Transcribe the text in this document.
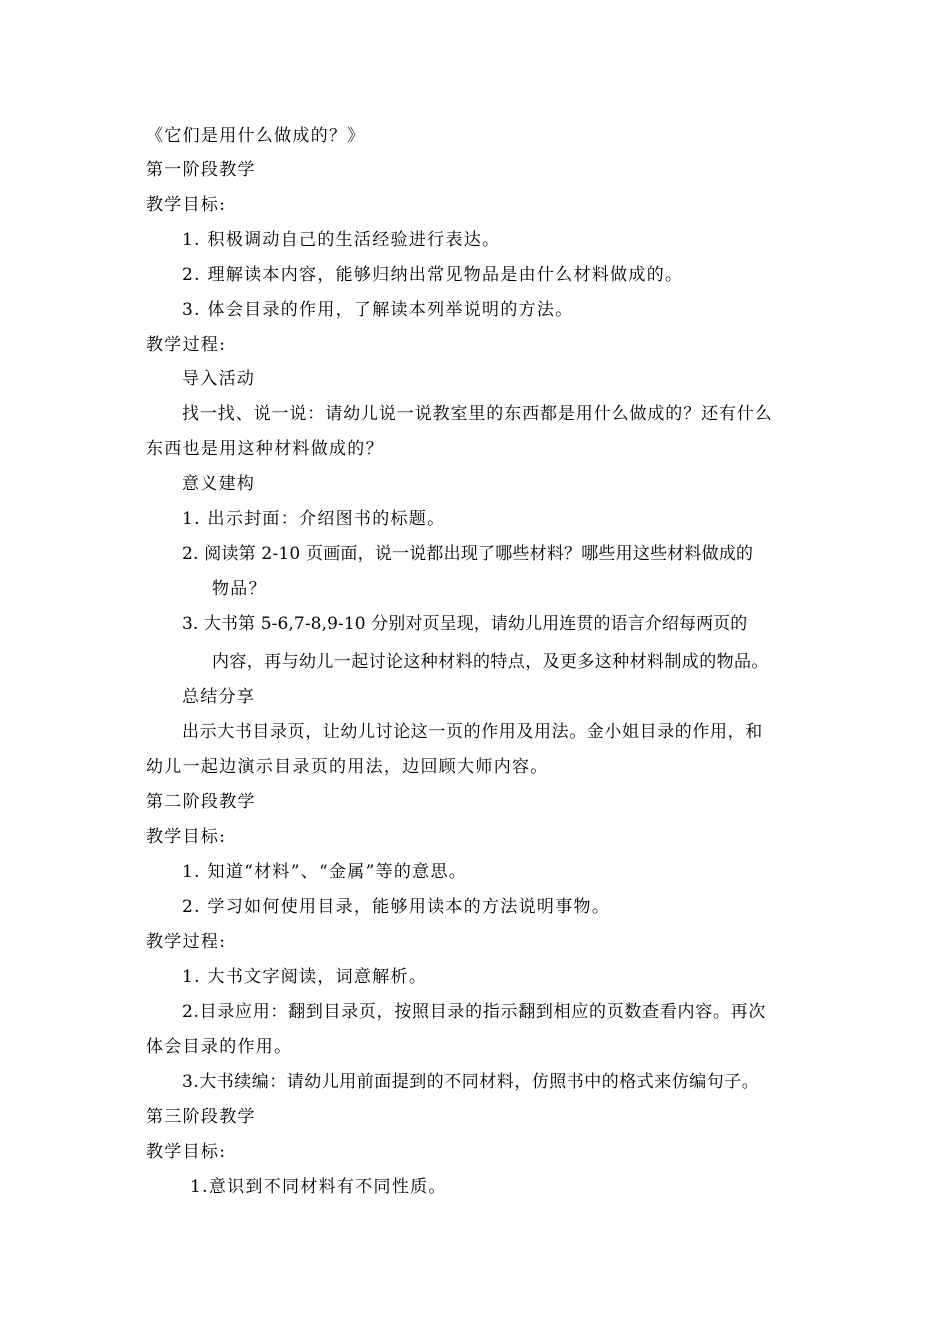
《它们是用什么做成的？》
第一阶段教学
教学目标:
1. 积极调动自己的生活经验进行表达。
2. 理解读本内容，能够归纳出常见物品是由什么材料做成的。
3. 体会目录的作用，了解读本列举说明的方法。
教学过程:
导入活动
找一找、说一说：请幼儿说一说教室里的东西都是用什么做成的？还有什么
东西也是用这种材料做成的？
意义建构
1. 出示封面：介绍图书的标题。
2. 阅读第 2-10 页画面，说一说都出现了哪些材料？哪些用这些材料做成的
物品？
3. 大书第 5-6,7-8,9-10 分别对页呈现，请幼儿用连贯的语言介绍每两页的
内容，再与幼儿一起讨论这种材料的特点，及更多这种材料制成的物品。
总结分享
出示大书目录页，让幼儿讨论这一页的作用及用法。金小姐目录的作用，和
幼儿一起边演示目录页的用法，边回顾大师内容。
第二阶段教学
教学目标:
1. 知道“材料”、“金属”等的意思。
2. 学习如何使用目录，能够用读本的方法说明事物。
教学过程:
1. 大书文字阅读，词意解析。
2.目录应用：翻到目录页，按照目录的指示翻到相应的页数查看内容。再次
体会目录的作用。
3.大书续编：请幼儿用前面提到的不同材料，仿照书中的格式来仿编句子。
第三阶段教学
教学目标:
1.意识到不同材料有不同性质。
